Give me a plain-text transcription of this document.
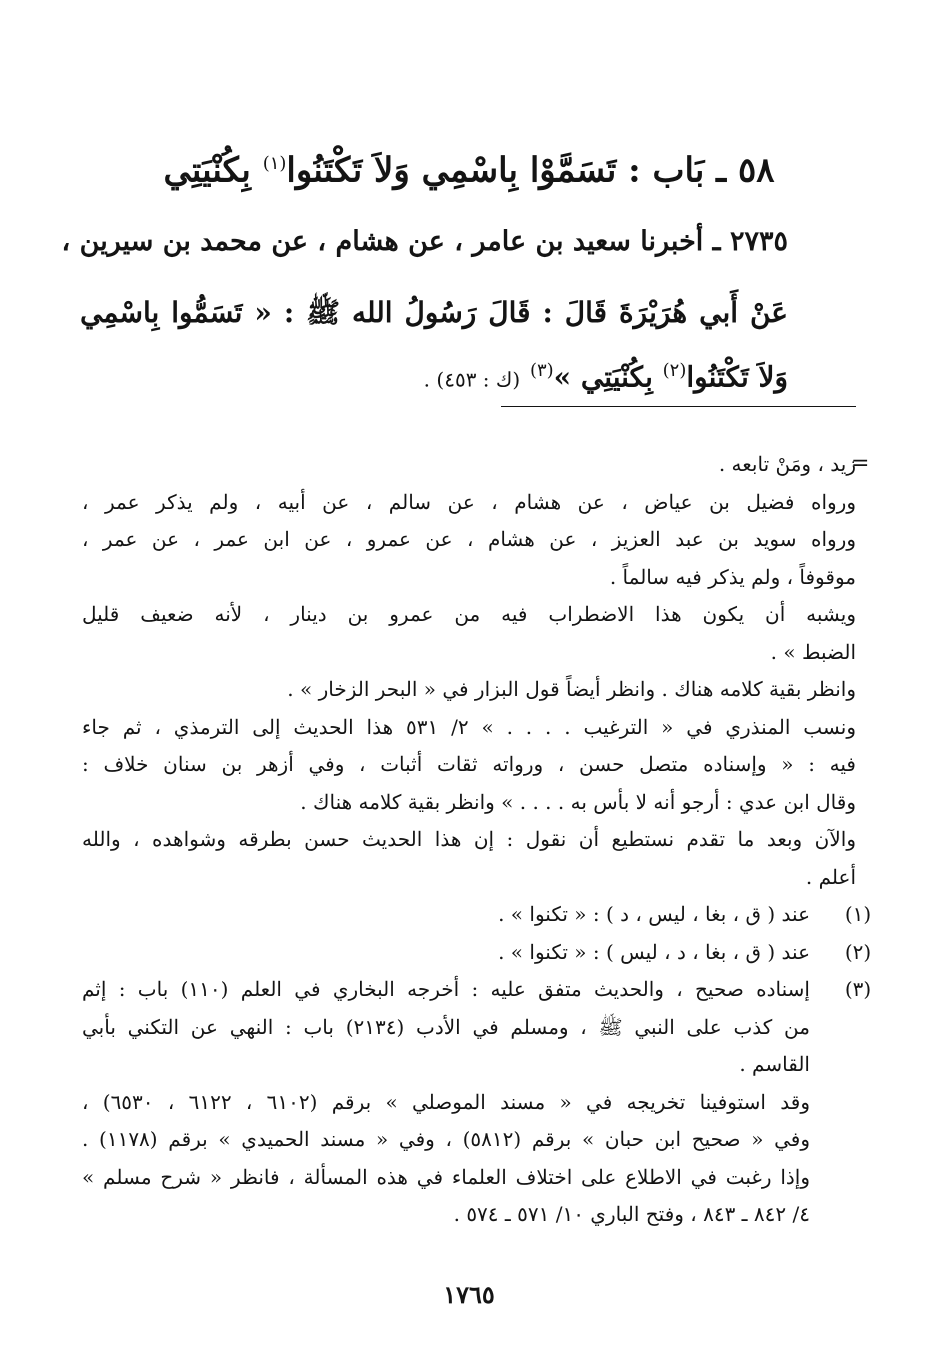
٥٨ ـ بَاب : تَسَمَّوْا بِاسْمِي وَلاَ تَكْتَنُوا$^{(١)}$ بِكُنْيَتِي
٢٧٣٥ ـ أخبرنا سعيد بن عامر ، عن هشام ، عن محمد بن سيرين ،
عَنْ أَبي هُرَيْرَةَ قَالَ : قَالَ رَسُولُ الله ﷺ : « تَسَمُّوا بِاسْمِي وَلاَ تَكْتَنُوا$^{(٢)}$ بِكُنْيَتِي »$^{(٣)}$ (ك : ٤٥٣) .
=

زيد ، ومَنْ تابعه .

ورواه فضيل بن عياض ، عن هشام ، عن سالم ، عن أبيه ، ولم يذكر عمر ،

ورواه سويد بن عبد العزيز ، عن هشام ، عن عمرو ، عن ابن عمر ، عن عمر ،

موقوفاً ، ولم يذكر فيه سالماً .

ويشبه أن يكون هذا الاضطراب فيه من عمرو بن دينار ، لأنه ضعيف قليل

الضبط » .

وانظر بقية كلامه هناك . وانظر أيضاً قول البزار في « البحر الزخار » .

ونسب المنذري في « الترغيب . . . . » ٢/ ٥٣١ هذا الحديث إلى الترمذي ، ثم جاء

فيه : « وإسناده متصل حسن ، ورواته ثقات أثبات ، وفي أزهر بن سنان خلاف :

وقال ابن عدي : أرجو أنه لا بأس به . . . . » وانظر بقية كلامه هناك .

والآن وبعد ما تقدم نستطيع أن نقول : إن هذا الحديث حسن بطرقه وشواهده ، والله

أعلم .

(١)

عند ( ق ، بغا ، ليس ، د ) : « تكنوا » .

(٢)

عند ( ق ، بغا ، د ، ليس ) : « تكنوا » .

(٣)

إسناده صحيح ، والحديث متفق عليه : أخرجه البخاري في العلم (١١٠) باب : إثم

من كذب على النبي ﷺ ، ومسلم في الأدب (٢١٣٤) باب : النهي عن التكني بأبي

القاسم .

وقد استوفينا تخريجه في « مسند الموصلي » برقم (٦١٠٢ ، ٦١٢٢ ، ٦٥٣٠) ،

وفي « صحيح ابن حبان » برقم (٥٨١٢) ، وفي « مسند الحميدي » برقم (١١٧٨) .

وإذا رغبت في الاطلاع على اختلاف العلماء في هذه المسألة ، فانظر « شرح مسلم »

٤/ ٨٤٢ ـ ٨٤٣ ، وفتح الباري ١٠/ ٥٧١ ـ ٥٧٤ .

١٧٦٥
